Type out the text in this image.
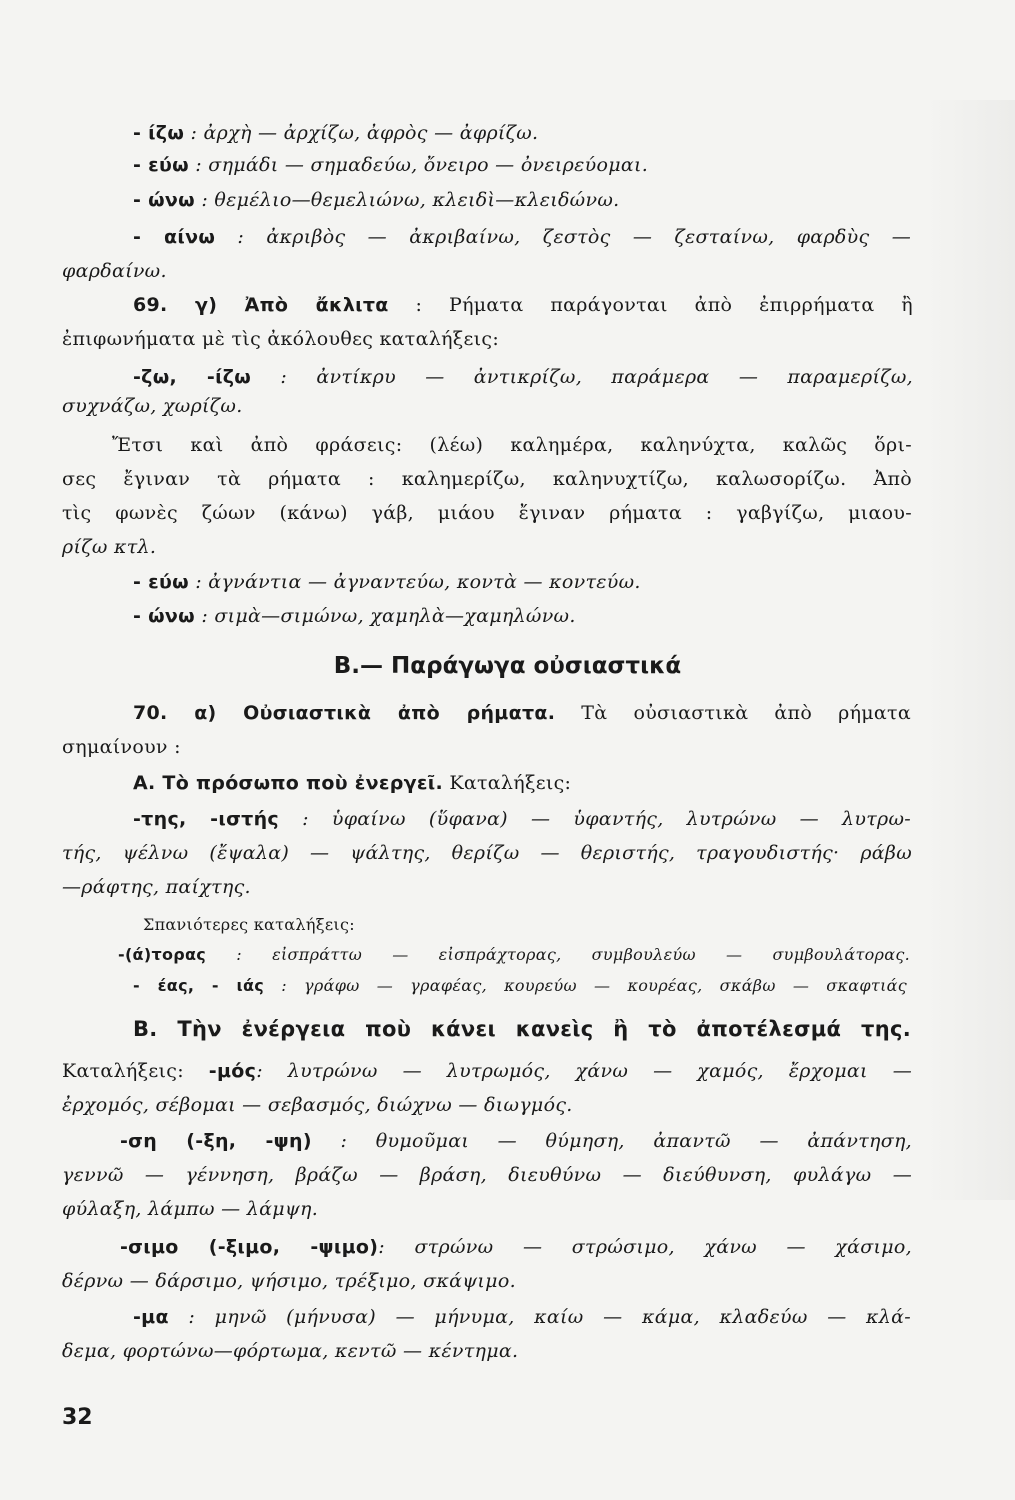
- ίζω : ἀρχὴ — ἀρχίζω, ἀφρὸς — ἀφρίζω.
- εύω : σημάδι — σημαδεύω, ὄνειρο — ὀνειρεύομαι.
- ώνω : θεμέλιο—θεμελιώνω, κλειδὶ—κλειδώνω.
- αίνω : ἀκριβὸς — ἀκριβαίνω, ζεστὸς — ζεσταίνω, φαρδὺς —
φαρδαίνω.
69. γ) Ἀπὸ ἄκλιτα : Ρήματα παράγονται ἀπὸ ἐπιρρήματα ἢ
ἐπιφωνήματα μὲ τὶς ἀκόλουθες καταλήξεις:
-ζω, -ίζω : ἀντίκρυ — ἀντικρίζω, παράμερα — παραμερίζω,
συχνάζω, χωρίζω.
Ἔτσι καὶ ἀπὸ φράσεις: (λέω) καλημέρα, καληνύχτα, καλῶς ὅρι-
σες ἔγιναν τὰ ρήματα : καλημερίζω, καληνυχτίζω, καλωσορίζω. Ἀπὸ
τὶς φωνὲς ζώων (κάνω) γάβ, μιάου ἔγιναν ρήματα : γαβγίζω, μιαου-
ρίζω κτλ.
- εύω : ἀγνάντια — ἀγναντεύω, κοντὰ — κοντεύω.
- ώνω : σιμὰ—σιμώνω, χαμηλὰ—χαμηλώνω.
Β.— Παράγωγα οὐσιαστικά
70. α) Οὐσιαστικὰ ἀπὸ ρήματα. Τὰ οὐσιαστικὰ ἀπὸ ρήματα
σημαίνουν :
Α. Τὸ πρόσωπο ποὺ ἐνεργεῖ. Καταλήξεις:
-της, -ιστής : ὑφαίνω (ὕφανα) — ὑφαντής, λυτρώνω — λυτρω-
τής, ψέλνω (ἔψαλα) — ψάλτης, θερίζω — θεριστής, τραγουδιστής· ράβω
—ράφτης, παίχτης.
Σπανιότερες καταλήξεις:
-(ά)τορας : εἰσπράττω — εἰσπράχτορας, συμβουλεύω — συμβουλάτορας.
- έας, - ιάς : γράφω — γραφέας, κουρεύω — κουρέας, σκάβω — σκαφτιάς
Β. Τὴν ἐνέργεια ποὺ κάνει κανεὶς ἢ τὸ ἀποτέλεσμά της.
Καταλήξεις: -μός: λυτρώνω — λυτρωμός, χάνω — χαμός, ἔρχομαι —
ἐρχομός, σέβομαι — σεβασμός, διώχνω — διωγμός.
-ση (-ξη, -ψη) : θυμοῦμαι — θύμηση, ἀπαντῶ — ἀπάντηση,
γεννῶ — γέννηση, βράζω — βράση, διευθύνω — διεύθυνση, φυλάγω —
φύλαξη, λάμπω — λάμψη.
-σιμο (-ξιμο, -ψιμο): στρώνω — στρώσιμο, χάνω — χάσιμο,
δέρνω — δάρσιμο, ψήσιμο, τρέξιμο, σκάψιμο.
-μα : μηνῶ (μήνυσα) — μήνυμα, καίω — κάμα, κλαδεύω — κλά-
δεμα, φορτώνω—φόρτωμα, κεντῶ — κέντημα.
32
